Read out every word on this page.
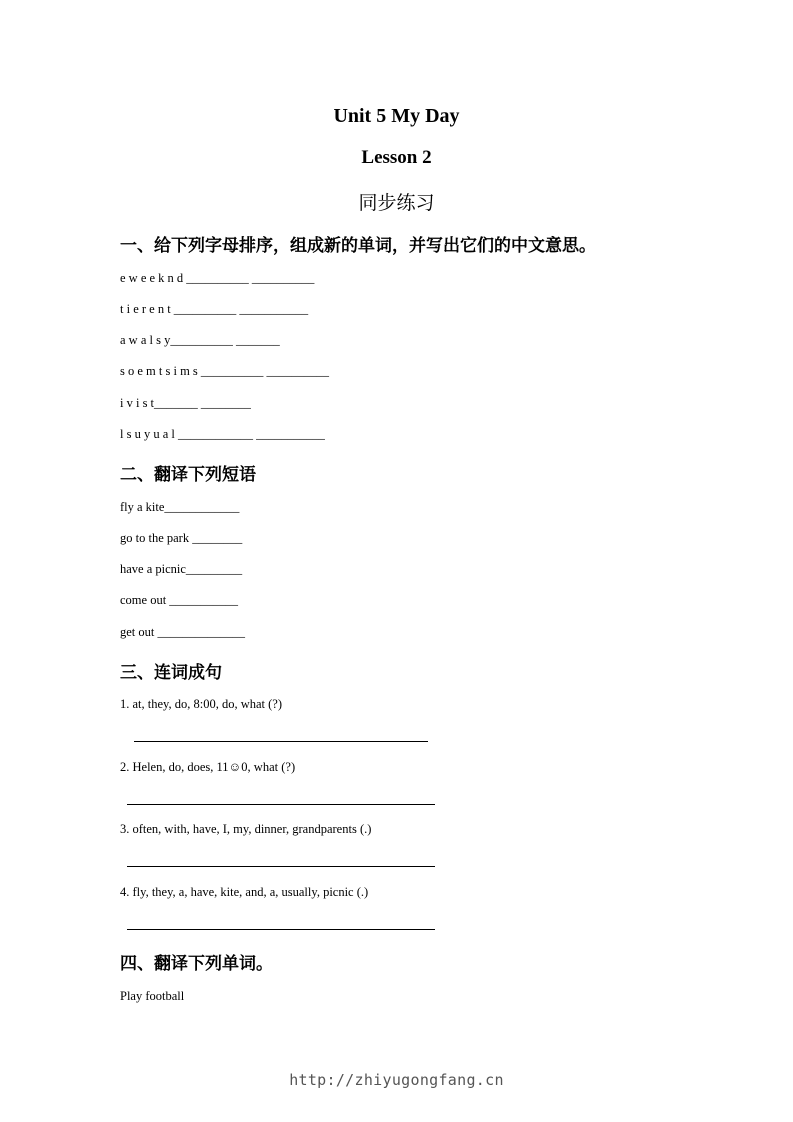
Unit 5 My Day
Lesson 2
同步练习
一、给下列字母排序，组成新的单词，并写出它们的中文意思。
e w e e k n d __________ __________
t i e r e n t __________ ___________
a w a l s y__________ _______
s o e m t s i m s __________ __________
i v i s t_______ ________
l s u y u a l ____________ ___________
二、翻译下列短语
fly a kite____________
go to the park ________
have a picnic_________
come out ___________
get out ______________
三、连词成句
1. at, they, do, 8:00, do, what (?)
2. Helen, do, does, 11☺0, what (?)
3. often, with, have, I, my, dinner, grandparents (.)
4. fly, they, a, have, kite, and, a, usually, picnic (.)
四、翻译下列单词。
Play football
http://zhiyugongfang.cn
